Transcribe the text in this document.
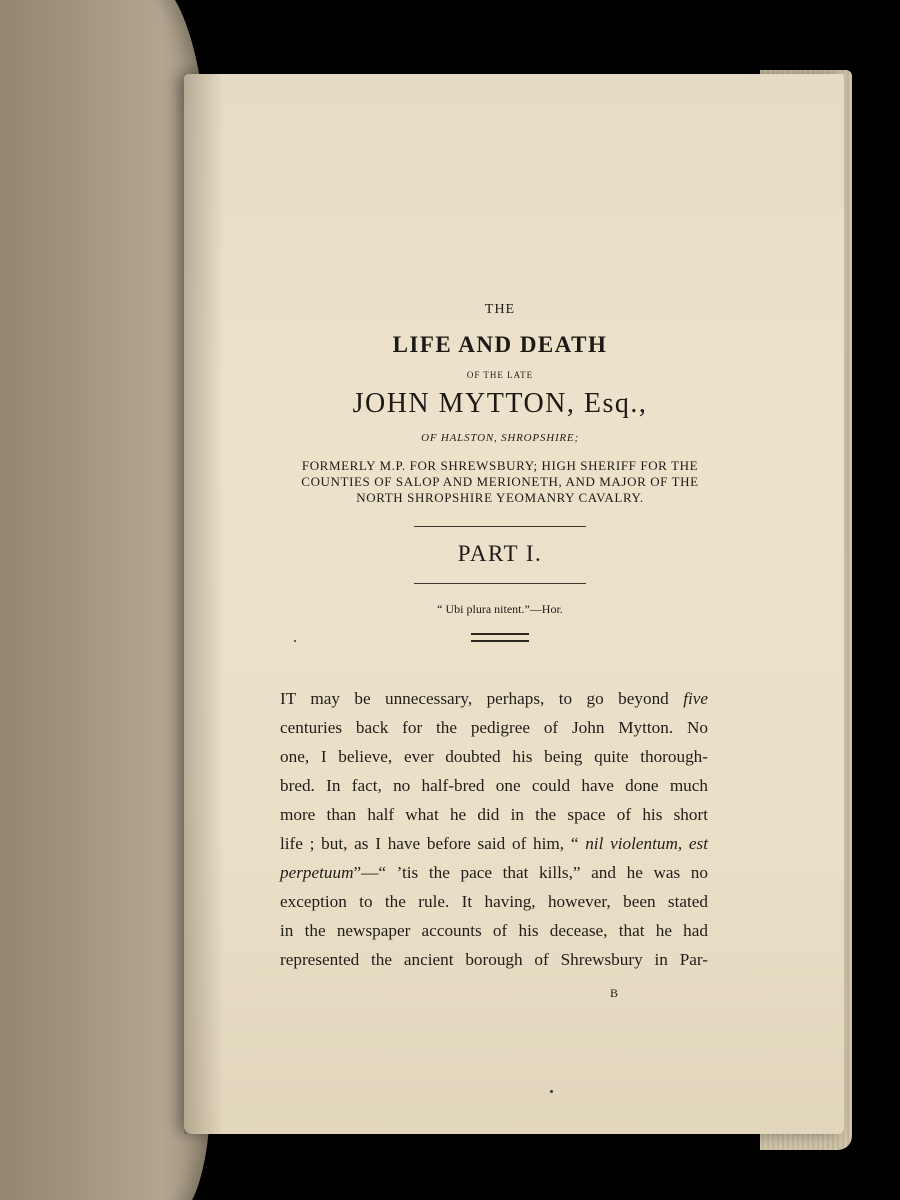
THE

LIFE AND DEATH

OF THE LATE

JOHN MYTTON, Esq.,

OF HALSTON, SHROPSHIRE;

FORMERLY M.P. FOR SHREWSBURY; HIGH SHERIFF FOR THE
COUNTIES OF SALOP AND MERIONETH, AND MAJOR OF THE
NORTH SHROPSHIRE YEOMANRY CAVALRY.

PART I.

“ Ubi plura nitent.”—Hor.

IT may be unnecessary, perhaps, to go beyond five
centuries back for the pedigree of John Mytton. No
one, I believe, ever doubted his being quite thorough-
bred. In fact, no half-bred one could have done much
more than half what he did in the space of his short
life ; but, as I have before said of him, “ nil violentum, est
perpetuum”—“ ’tis the pace that kills,” and he was no
exception to the rule. It having, however, been stated
in the newspaper accounts of his decease, that he had
represented the ancient borough of Shrewsbury in Par-
B
